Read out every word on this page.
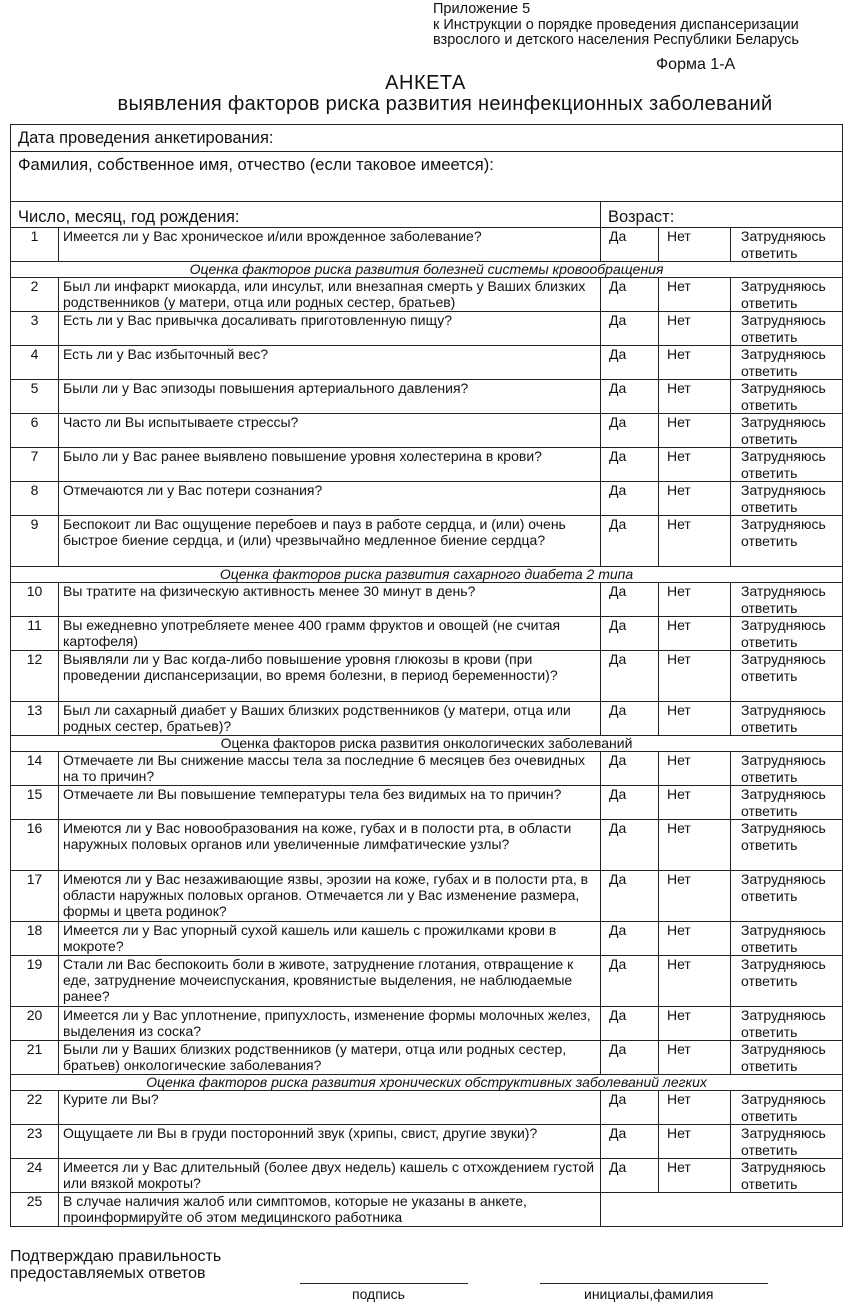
Приложение 5
к Инструкции о порядке проведения диспансеризации
взрослого и детского населения Республики Беларусь
Форма 1-А
АНКЕТА
выявления факторов риска развития неинфекционных заболеваний
Дата проведения анкетирования:				
Фамилия, собственное имя, отчество (если таковое имеется):				
Число, месяц, год рождения:		Возраст:		
1	Имеется ли у Вас хроническое и/или врожденное заболевание?	Да	Нет	Затрудняюсь ответить
Оценка факторов риска развития болезней системы кровообращения				
2	Был ли инфаркт миокарда, или инсульт, или внезапная смерть у Ваших близких родственников (у матери, отца или родных сестер, братьев)	Да	Нет	Затрудняюсь ответить
3	Есть ли у Вас привычка досаливать приготовленную пищу?	Да	Нет	Затрудняюсь ответить
4	Есть ли у Вас избыточный вес?	Да	Нет	Затрудняюсь ответить
5	Были ли у Вас эпизоды повышения артериального давления?	Да	Нет	Затрудняюсь ответить
6	Часто ли Вы испытываете стрессы?	Да	Нет	Затрудняюсь ответить
7	Было ли у Вас ранее выявлено повышение уровня холестерина в крови?	Да	Нет	Затрудняюсь ответить
8	Отмечаются ли у Вас потери сознания?	Да	Нет	Затрудняюсь ответить
9	Беспокоит ли Вас ощущение перебоев и пауз в работе сердца, и (или) очень быстрое биение сердца, и (или) чрезвычайно медленное биение сердца?	Да	Нет	Затрудняюсь ответить
Оценка факторов риска развития сахарного диабета 2 типа				
10	Вы тратите на физическую активность менее 30 минут в день?	Да	Нет	Затрудняюсь ответить
11	Вы ежедневно употребляете менее 400 грамм фруктов и овощей (не считая картофеля)	Да	Нет	Затрудняюсь ответить
12	Выявляли ли у Вас когда-либо повышение уровня глюкозы в крови (при проведении диспансеризации, во время болезни, в период беременности)?	Да	Нет	Затрудняюсь ответить
13	Был ли сахарный диабет у Ваших близких родственников (у матери, отца или родных сестер, братьев)?	Да	Нет	Затрудняюсь ответить
Оценка факторов риска развития онкологических заболеваний				
14	Отмечаете ли Вы снижение массы тела за последние 6 месяцев без очевидных на то причин?	Да	Нет	Затрудняюсь ответить
15	Отмечаете ли Вы повышение температуры тела без видимых на то причин?	Да	Нет	Затрудняюсь ответить
16	Имеются ли у Вас новообразования на коже, губах и в полости рта, в области наружных половых органов или увеличенные лимфатические узлы?	Да	Нет	Затрудняюсь ответить
17	Имеются ли у Вас незаживающие язвы, эрозии на коже, губах и в полости рта, в области наружных половых органов. Отмечается ли у Вас изменение размера, формы и цвета родинок?	Да	Нет	Затрудняюсь ответить
18	Имеется ли у Вас упорный сухой кашель или кашель с прожилками крови в мокроте?	Да	Нет	Затрудняюсь ответить
19	Стали ли Вас беспокоить боли в животе, затруднение глотания, отвращение к еде, затруднение мочеиспускания, кровянистые выделения, не наблюдаемые ранее?	Да	Нет	Затрудняюсь ответить
20	Имеется ли у Вас уплотнение, припухлость, изменение формы молочных желез, выделения из соска?	Да	Нет	Затрудняюсь ответить
21	Были ли у Ваших близких родственников (у матери, отца или родных сестер, братьев) онкологические заболевания?	Да	Нет	Затрудняюсь ответить
Оценка факторов риска развития хронических обструктивных заболеваний легких				
22	Курите ли Вы?	Да	Нет	Затрудняюсь ответить
23	Ощущаете ли Вы в груди посторонний звук (хрипы, свист, другие звуки)?	Да	Нет	Затрудняюсь ответить
24	Имеется ли у Вас длительный (более двух недель) кашель с отхождением густой или вязкой мокроты?	Да	Нет	Затрудняюсь ответить
25	В случае наличия жалоб или симптомов, которые не указаны в анкете, проинформируйте об этом медицинского работника			
Подтверждаю правильность
предоставляемых ответов
подпись	инициалы,фамилия
